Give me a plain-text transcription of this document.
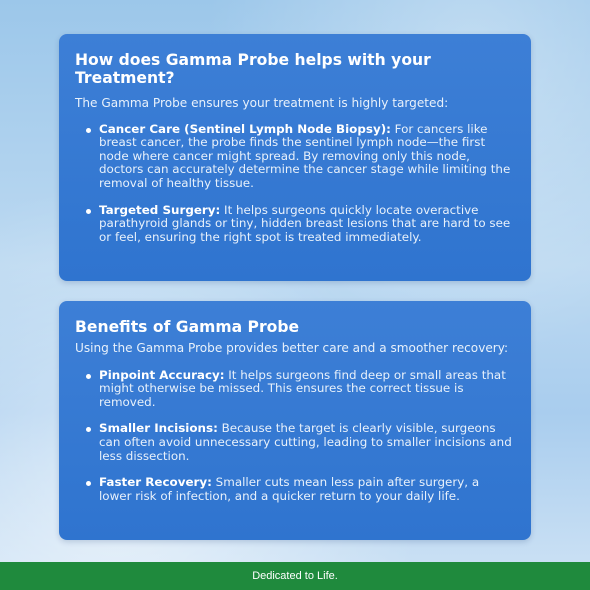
How does Gamma Probe helps with your Treatment?

The Gamma Probe ensures your treatment is highly targeted:

Cancer Care (Sentinel Lymph Node Biopsy): For cancers like breast cancer, the probe finds the sentinel lymph node—the first node where cancer might spread. By removing only this node, doctors can accurately determine the cancer stage while limiting the removal of healthy tissue.
Targeted Surgery: It helps surgeons quickly locate overactive parathyroid glands or tiny, hidden breast lesions that are hard to see or feel, ensuring the right spot is treated immediately.
Benefits of Gamma Probe

Using the Gamma Probe provides better care and a smoother recovery:

Pinpoint Accuracy: It helps surgeons find deep or small areas that might otherwise be missed. This ensures the correct tissue is removed.
Smaller Incisions: Because the target is clearly visible, surgeons can often avoid unnecessary cutting, leading to smaller incisions and less dissection.
Faster Recovery: Smaller cuts mean less pain after surgery, a lower risk of infection, and a quicker return to your daily life.
Dedicated to Life.
